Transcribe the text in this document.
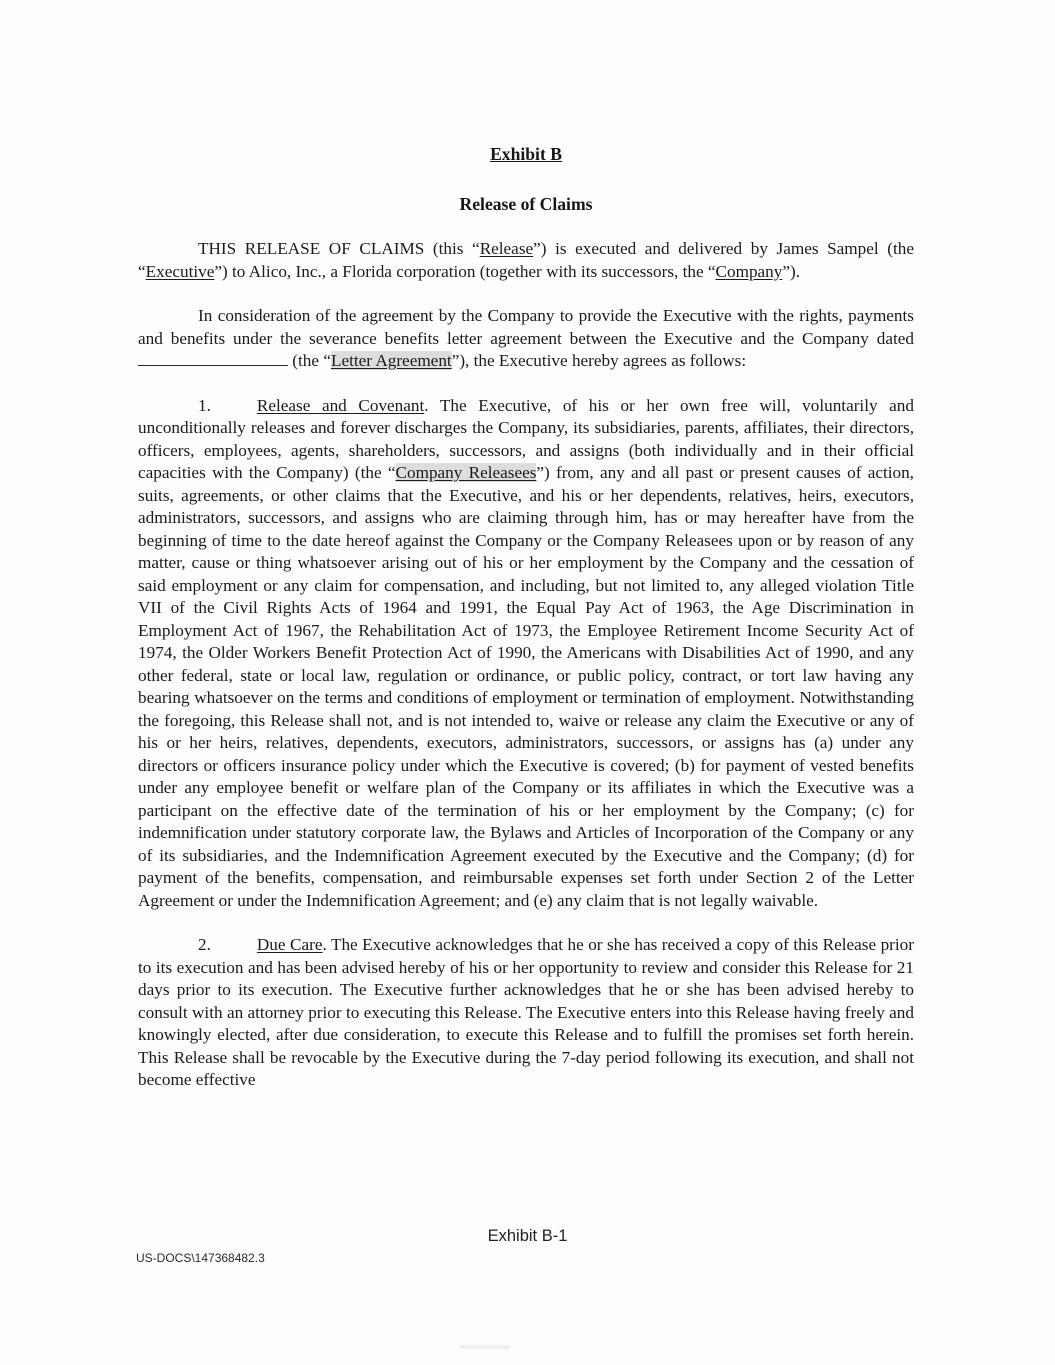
Exhibit B
Release of Claims

THIS RELEASE OF CLAIMS (this “Release”) is executed and delivered by James Sampel (the “Executive”) to Alico, Inc., a Florida corporation (together with its successors, the “Company”).

In consideration of the agreement by the Company to provide the Executive with the rights, payments and benefits under the severance benefits letter agreement between the Executive and the Company dated  (the “Letter Agreement”), the Executive hereby agrees as follows:

1.	Release and Covenant. The Executive, of his or her own free will, voluntarily and unconditionally releases and forever discharges the Company, its subsidiaries, parents, affiliates, their directors, officers, employees, agents, shareholders, successors, and assigns (both individually and in their official capacities with the Company) (the “Company Releasees”) from, any and all past or present causes of action, suits, agreements, or other claims that the Executive, and his or her dependents, relatives, heirs, executors, administrators, successors, and assigns who are claiming through him, has or may hereafter have from the beginning of time to the date hereof against the Company or the Company Releasees upon or by reason of any matter, cause or thing whatsoever arising out of his or her employment by the Company and the cessation of said employment or any claim for compensation, and including, but not limited to, any alleged violation Title VII of the Civil Rights Acts of 1964 and 1991, the Equal Pay Act of 1963, the Age Discrimination in Employment Act of 1967, the Rehabilitation Act of 1973, the Employee Retirement Income Security Act of 1974, the Older Workers Benefit Protection Act of 1990, the Americans with Disabilities Act of 1990, and any other federal, state or local law, regulation or ordinance, or public policy, contract, or tort law having any bearing whatsoever on the terms and conditions of employment or termination of employment. Notwithstanding the foregoing, this Release shall not, and is not intended to, waive or release any claim the Executive or any of his or her heirs, relatives, dependents, executors, administrators, successors, or assigns has (a) under any directors or officers insurance policy under which the Executive is covered; (b) for payment of vested benefits under any employee benefit or welfare plan of the Company or its affiliates in which the Executive was a participant on the effective date of the termination of his or her employment by the Company; (c) for indemnification under statutory corporate law, the Bylaws and Articles of Incorporation of the Company or any of its subsidiaries, and the Indemnification Agreement executed by the Executive and the Company; (d) for payment of the benefits, compensation, and reimbursable expenses set forth under Section 2 of the Letter Agreement or under the Indemnification Agreement; and (e) any claim that is not legally waivable.

2.	Due Care. The Executive acknowledges that he or she has received a copy of this Release prior to its execution and has been advised hereby of his or her opportunity to review and consider this Release for 21 days prior to its execution. The Executive further acknowledges that he or she has been advised hereby to consult with an attorney prior to executing this Release. The Executive enters into this Release having freely and knowingly elected, after due consideration, to execute this Release and to fulfill the promises set forth herein. This Release shall be revocable by the Executive during the 7-day period following its execution, and shall not become effective

Exhibit B-1
US-DOCS\147368482.3
